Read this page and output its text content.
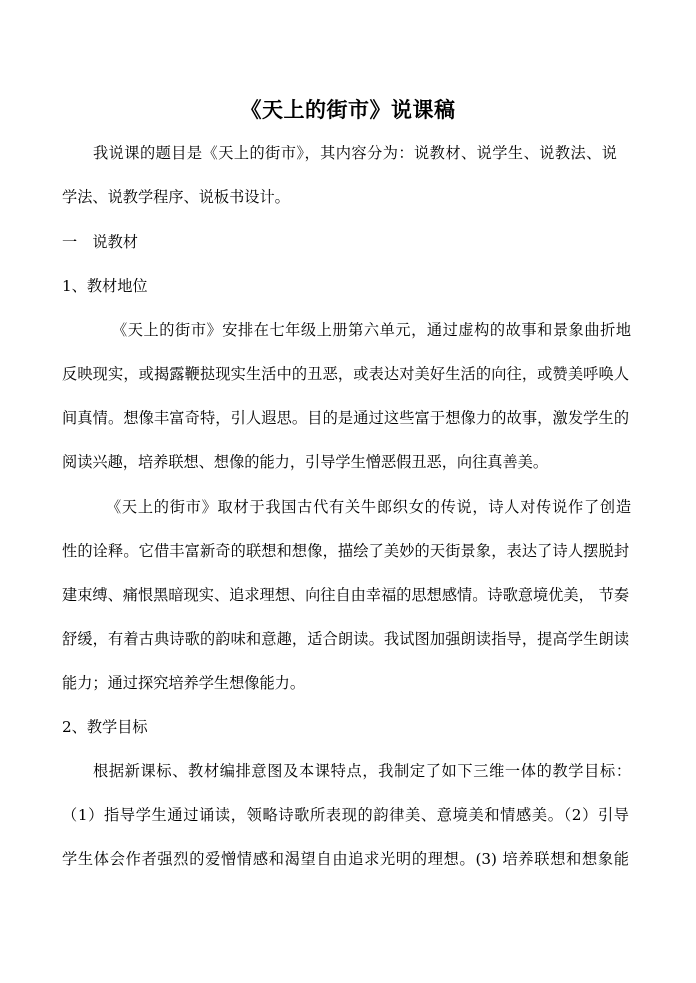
《天上的街市》说课稿
我说课的题目是《天上的街市》，其内容分为：说教材、说学生、说教法、说
学法、说教学程序、说板书设计。
一　说教材
1、教材地位
《天上的街市》安排在七年级上册第六单元，通过虚构的故事和景象曲折地
反映现实，或揭露鞭挞现实生活中的丑恶，或表达对美好生活的向往，或赞美呼唤人
间真情。想像丰富奇特，引人遐思。目的是通过这些富于想像力的故事，激发学生的
阅读兴趣，培养联想、想像的能力，引导学生憎恶假丑恶，向往真善美。
《天上的街市》取材于我国古代有关牛郎织女的传说，诗人对传说作了创造
性的诠释。它借丰富新奇的联想和想像，描绘了美妙的天街景象，表达了诗人摆脱封
建束缚、痛恨黑暗现实、追求理想、向往自由幸福的思想感情。诗歌意境优美， 节奏
舒缓，有着古典诗歌的韵味和意趣，适合朗读。我试图加强朗读指导，提高学生朗读
能力；通过探究培养学生想像能力。
2、教学目标
根据新课标、教材编排意图及本课特点，我制定了如下三维一体的教学目标：
（1）指导学生通过诵读，领略诗歌所表现的韵律美、意境美和情感美。（2）引导
学生体会作者强烈的爱憎情感和渴望自由追求光明的理想。(3) 培养联想和想象能
